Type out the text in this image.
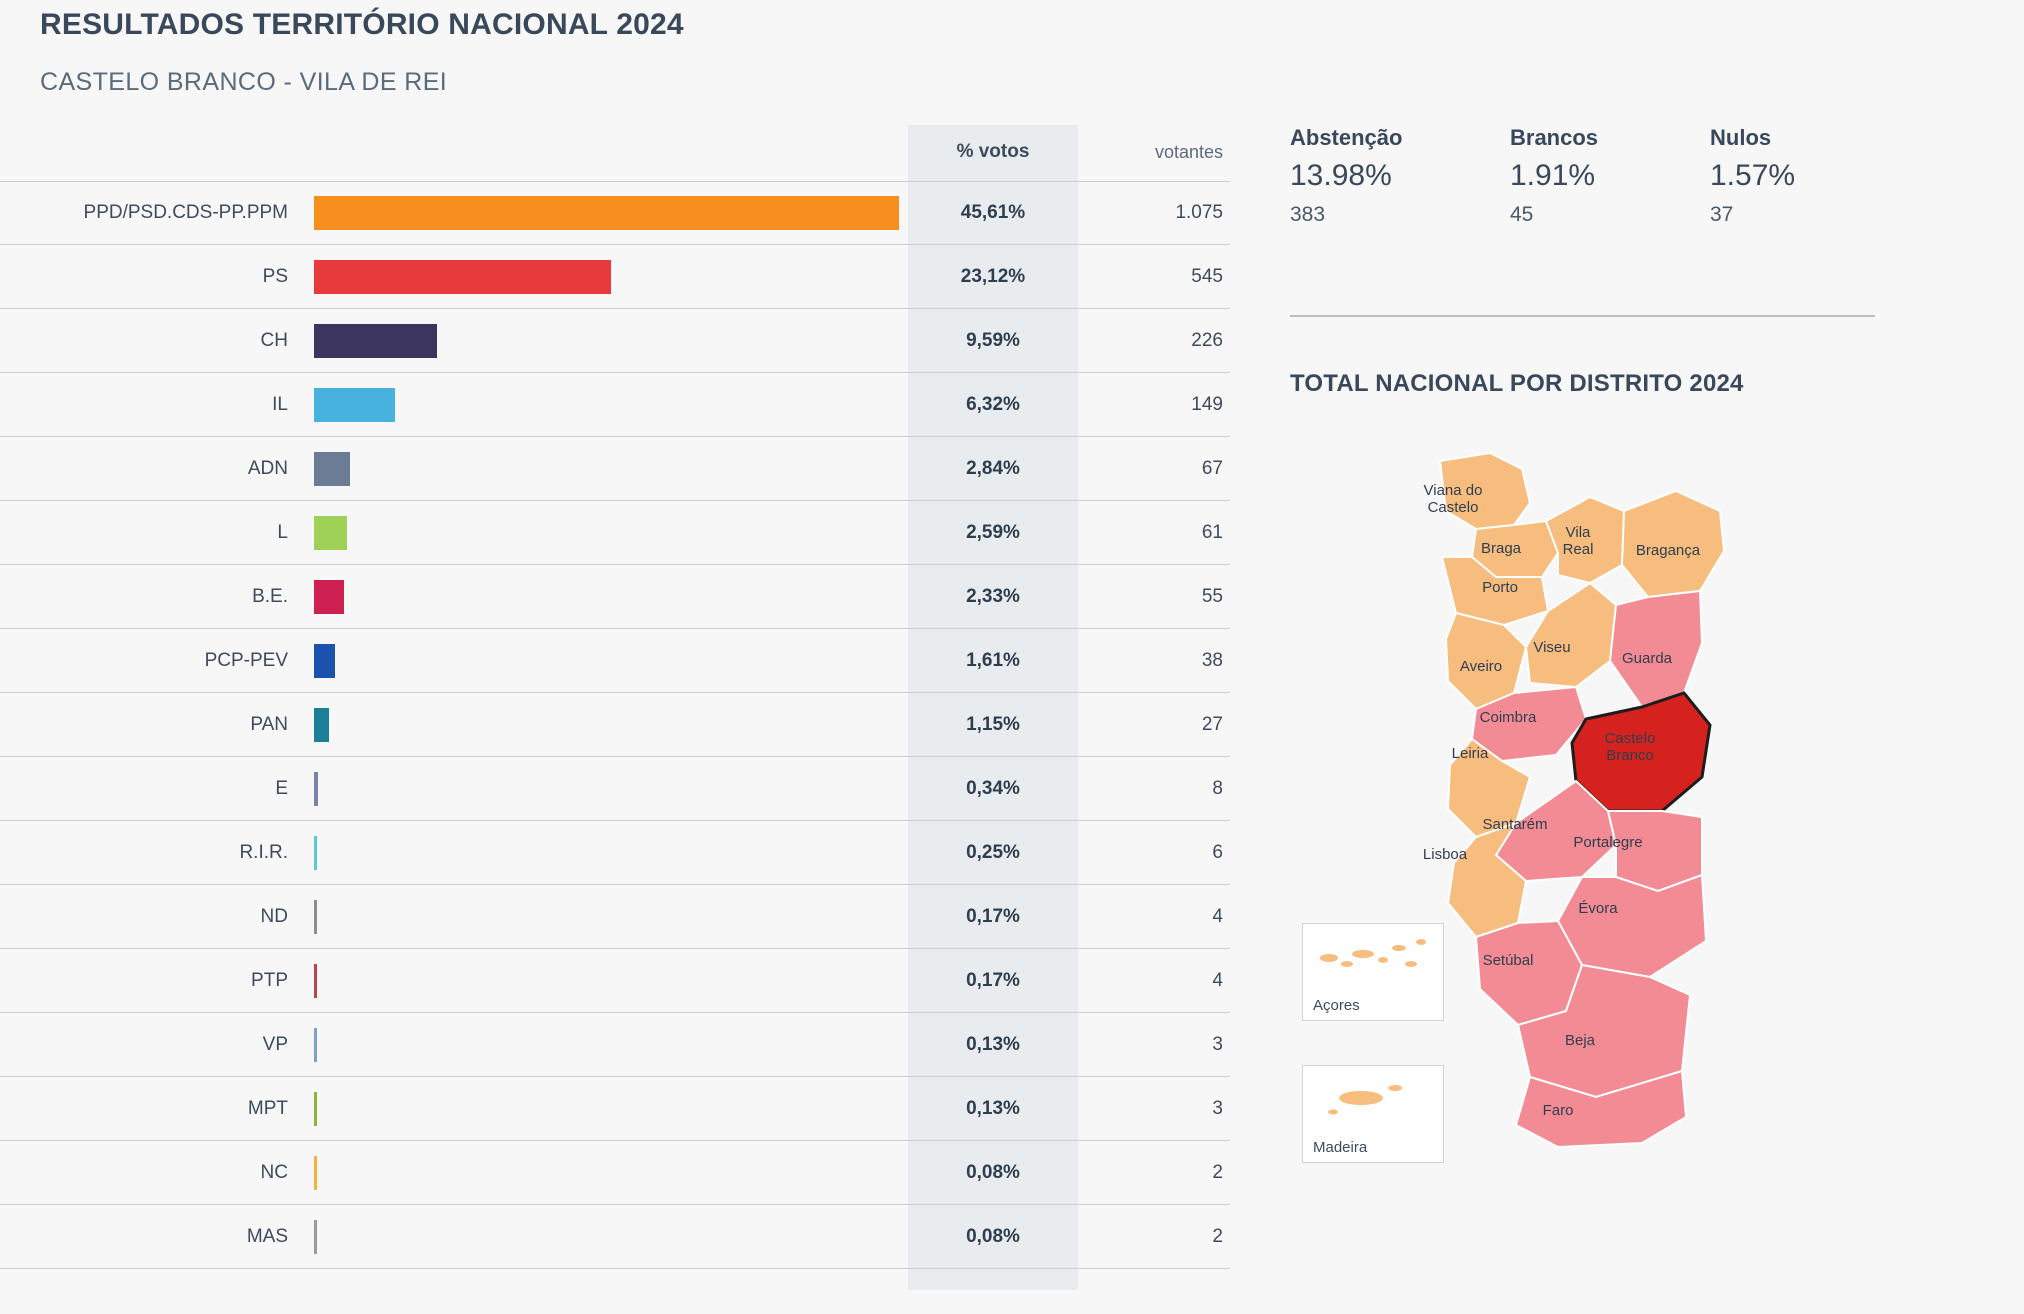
RESULTADOS TERRITÓRIO NACIONAL 2024
CASTELO BRANCO - VILA DE REI
% votos	votantes
PPD/PSD.CDS-PP.PPM	45,61%	1.075
PS	23,12%	545
CH	9,59%	226
IL	6,32%	149
ADN	2,84%	67
L	2,59%	61
B.E.	2,33%	55
PCP-PEV	1,61%	38
PAN	1,15%	27
E	0,34%	8
R.I.R.	0,25%	6
ND	0,17%	4
PTP	0,17%	4
VP	0,13%	3
MPT	0,13%	3
NC	0,08%	2
MAS	0,08%	2
Abstenção
13.98%
383
Brancos
1.91%
45
Nulos
1.57%
37
TOTAL NACIONAL POR DISTRITO 2024
Viana do Castelo
Braga
Vila Real	Bragança
Porto
Aveiro
Viseu
Guarda
Coimbra
Leiria
Castelo Branco
Santarém
Portalegre
Lisboa
Évora
Setúbal
Beja
Faro
Açores
Madeira
